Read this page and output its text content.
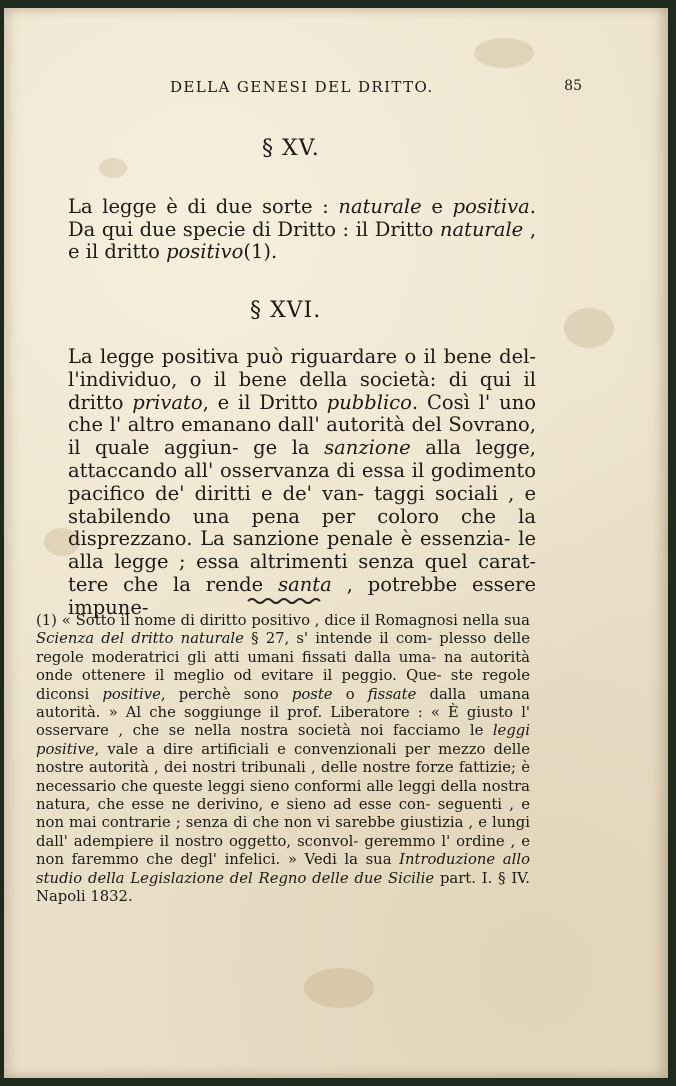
DELLA GENESI DEL DRITTO.	85
§ XV.

La legge è di due sorte : naturale e positiva. Da qui due specie di Dritto : il Dritto naturale , e il dritto positivo(1).

§ XVI.

La legge positiva può riguardare o il bene del- l'individuo, o il bene della società: di qui il dritto privato, e il Dritto pubblico. Così l' uno che l' altro emanano dall' autorità del Sovrano, il quale aggiun- ge la sanzione alla legge, attaccando all' osservanza di essa il godimento pacifico de' diritti e de' van- taggi sociali , e stabilendo una pena per coloro che la disprezzano. La sanzione penale è essenzia- le alla legge ; essa altrimenti senza quel carat- tere che la rende santa , potrebbe essere impune-

(1) « Sotto il nome di diritto positivo , dice il Romagnosi nella sua Scienza del dritto naturale § 27, s' intende il com- plesso delle regole moderatrici gli atti umani fissati dalla uma- na autorità onde ottenere il meglio od evitare il peggio. Que- ste regole diconsi positive, perchè sono poste o fissate dalla umana autorità. » Al che soggiunge il prof. Liberatore : « È giusto l' osservare , che se nella nostra società noi facciamo le leggi positive, vale a dire artificiali e convenzionali per mezzo delle nostre autorità , dei nostri tribunali , delle nostre forze fattizie; è necessario che queste leggi sieno conformi alle leggi della nostra natura, che esse ne derivino, e sieno ad esse con- seguenti , e non mai contrarie ; senza di che non vi sarebbe giustizia , e lungi dall' adempiere il nostro oggetto, sconvol- geremmo l' ordine , e non faremmo che degl' infelici. » Vedi la sua Introduzione allo studio della Legislazione del Regno delle due Sicilie part. I. § IV. Napoli 1832.
